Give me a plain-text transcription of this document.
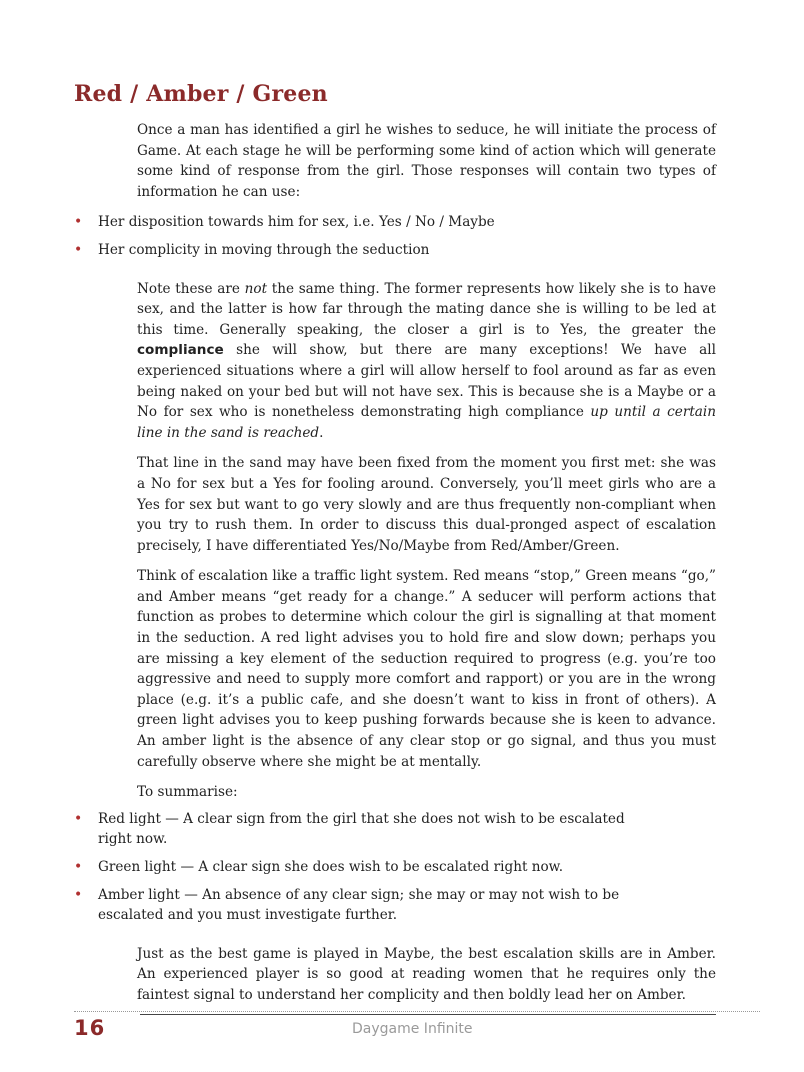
Red / Amber / Green

Once a man has identified a girl he wishes to seduce, he will initiate the process of Game. At each stage he will be performing some kind of action which will generate some kind of response from the girl. Those responses will contain two types of information he can use:

• Her disposition towards him for sex, i.e. Yes / No / Maybe
• Her complicity in moving through the seduction

Note these are not the same thing. The former represents how likely she is to have sex, and the latter is how far through the mating dance she is willing to be led at this time. Generally speaking, the closer a girl is to Yes, the greater the compliance she will show, but there are many exceptions! We have all experienced situations where a girl will allow herself to fool around as far as even being naked on your bed but will not have sex. This is because she is a Maybe or a No for sex who is nonetheless demonstrating high compliance up until a certain line in the sand is reached.

That line in the sand may have been fixed from the moment you first met: she was a No for sex but a Yes for fooling around. Conversely, you’ll meet girls who are a Yes for sex but want to go very slowly and are thus frequently non-compliant when you try to rush them. In order to discuss this dual-pronged aspect of escalation precisely, I have differentiated Yes/No/Maybe from Red/Amber/Green.

Think of escalation like a traffic light system. Red means “stop,” Green means “go,” and Amber means “get ready for a change.” A seducer will perform actions that function as probes to determine which colour the girl is signalling at that moment in the seduction. A red light advises you to hold fire and slow down; perhaps you are missing a key element of the seduction required to progress (e.g. you’re too aggressive and need to supply more comfort and rapport) or you are in the wrong place (e.g. it’s a public cafe, and she doesn’t want to kiss in front of others). A green light advises you to keep pushing forwards because she is keen to advance. An amber light is the absence of any clear stop or go signal, and thus you must carefully observe where she might be at mentally.

To summarise:

• Red light — A clear sign from the girl that she does not wish to be escalated right now.
• Green light — A clear sign she does wish to be escalated right now.
• Amber light — An absence of any clear sign; she may or may not wish to be escalated and you must investigate further.

Just as the best game is played in Maybe, the best escalation skills are in Amber. An experienced player is so good at reading women that he requires only the faintest signal to understand her complicity and then boldly lead her on Amber.

16	Daygame Infinite
